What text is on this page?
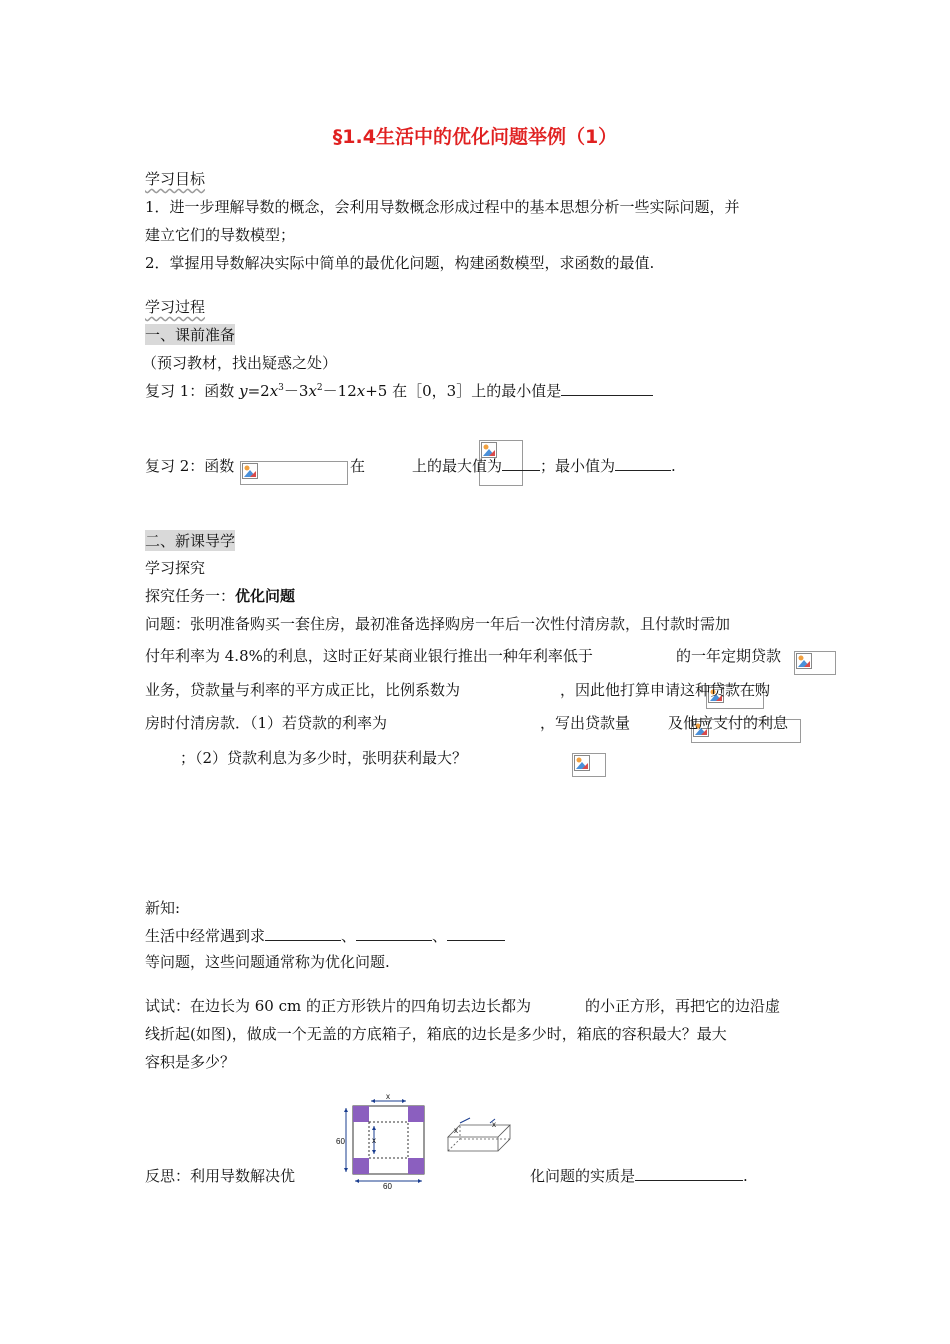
§1.4生活中的优化问题举例（1）
学习目标
1．进一步理解导数的概念，会利用导数概念形成过程中的基本思想分析一些实际问题，并
建立它们的导数模型；
2．掌握用导数解决实际中简单的最优化问题，构建函数模型，求函数的最值.
学习过程
一、课前准备
（预习教材，找出疑惑之处）
复习 1：函数 $y=2x^3-3x^2-12x+5$ 在［0，3］上的最小值是
复习 2：函数
	在
	上的最大值为	；最小值为	.
二、新课导学
学习探究
探究任务一：优化问题
问题：张明准备购买一套住房，最初准备选择购房一年后一次性付清房款，且付款时需加
付年利率为 4.8%的利息，这时正好某商业银行推出一种年利率低于
	的一年定期贷款
业务，贷款量与利率的平方成正比，比例系数为
	，因此他打算申请这种贷款在购
房时付清房款．（1）若贷款的利率为
	，写出贷款量
	及他应支付的利息

；（2）贷款利息为多少时，张明获利最大？
新知:
生活中经常遇到求	、	、
等问题，这些问题通常称为优化问题.
试试：在边长为 60 cm 的正方形铁片的四角切去边长都为	的小正方形，再把它的边沿虚
线折起(如图)，做成一个无盖的方底箱子，箱底的边长是多少时，箱底的容积最大？最大
容积是多少？
x
60	x
60
x
x
反思：利用导数解决优	化问题的实质是	.
